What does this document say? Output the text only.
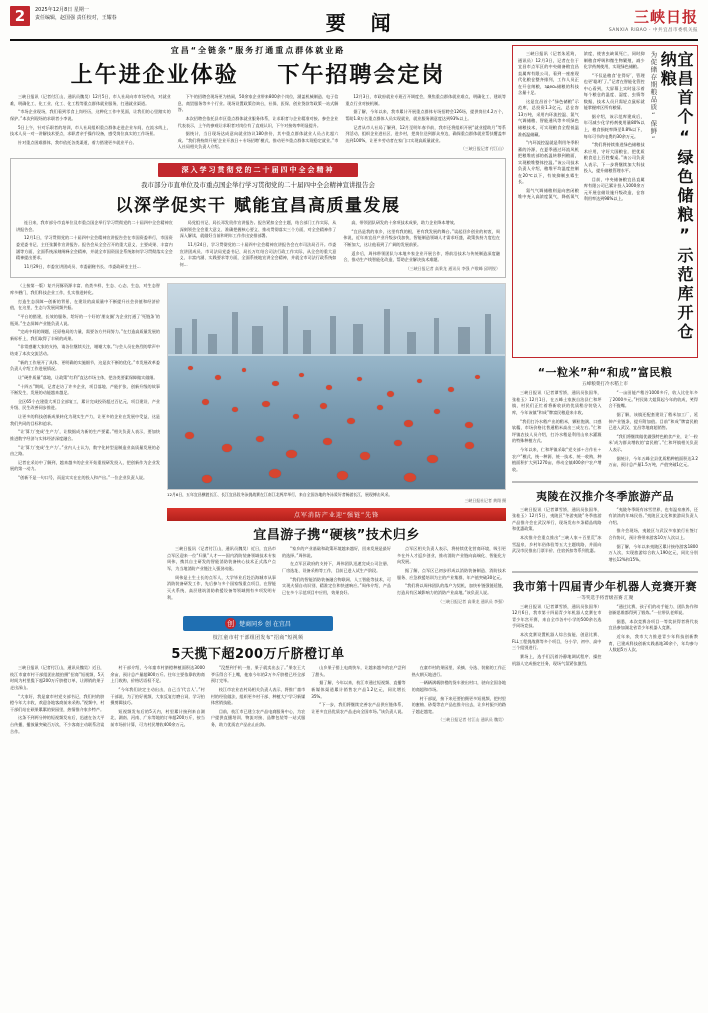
2	2025年12月8日 星期一
责任编辑，赵国强 责任校对，王耀春	要 闻	三峡日报
SANXIA RIBAO · 中共宜昌市委机关报
宜昌“全链条”服务打通重点群体就业路
上午进企业体验 下午招聘会定岗

三峡日报讯（记者付江山，通讯员魏昊）12月5日，市人社局向市市场劳动，对就业难，明确化工、化工业、化工、化工程等重点群体就业服务，打通就业渠道。

“市场企业现场，我们看到零食上岗经历，这种化工作中见面，让我们的心里踏实的保护。”本次到现场的求职者小李说。

5日上午，针对乐职者的培训，市人社局组织重点群体走进企业车间，在流水线上，技术人员一对一讲解技术要点，求职者亲手操作设备，感受岗位真实的工作场景。

针对重点困难群体，我市依托各类渠道，着力搭建更多就业平台。

下午的招聘会现场更为热闹，50余家企业带来800余个岗位，涵盖机械制造、电子信息、商贸服务等多个行业。现场设置政策咨询台，社保、医保、创业贷款等政策一站式解答。

本次招聘会依托县市区重点群体就业服务体系，让求职者与企业精准对接。参会企业代表表示，上午的参观让求职者对岗位有了直观认识，下午对接效率明显提升。

据统计，当日现场达成意向就业协议180余份，其中重点群体就业人员占比超六成。“我们将持续开展‘企业开放日＋专场招聘’模式，推动更多重点群体实现稳定就业。”市人社局相关负责人介绍。

12月3日，市政府就业专班召开调度会，聚焦重点群体就业难点，明确化工、建筑等重点行业对接机制。

据了解，今年以来，我市累计开展重点群体专场招聘会126场，提供岗位4.2万个，帮助1.8万名重点群体人员实现就业，就业服务满意度达到93%以上。

记者从市人社局了解到，12月至明年春节前，我市还将组织开展“就业援助月”等系列活动，组织企业进社区、进乡村，把岗位送到群众身边，确保重点群体就业帮扶覆盖率达到100%，让更多劳动者在家门口实现高质量就业。

（三峡日报记者 付江山）
深入学习贯彻党的二十届四中全会精神
我市部分市直单位及市重点国企举行学习贯彻党的二十届四中全会精神宣讲报告会
以深学促实干 赋能宜昌高质量发展

连日来，我市部分市直单位及市重点国企举行学习贯彻党的二十届四中全会精神宣讲报告会。

12月1日，学习贯彻党的二十届四中全会精神宣讲报告会在市国资委举行，市国资委党委书记、主任张翼作宣讲报告。报告会从全会召开的重大意义、主要成果、丰富内涵等方面，全面系统深刻阐释全会精神，并就全市国资国企系统如何学习贯彻落实全会精神提出要求。

11月29日，市委宣讲团成员、市委副秘书长、市委政研室主任...

局党组书记、局长邓发贵作宣讲报告。报告紧扣全会主题，结合部门工作实际，从深刻领会全会重大意义、准确把握核心要义、推动贯彻落实三个方面，对全会精神作了深入解读，就做好当前和明年工作作出安排部署。

11月24日，学习贯彻党的二十届四中全会精神宣讲报告会在市司法局召开。市委宣讲团成员、市司法局党委书记、局长万红结合司法行政工作实际，从全会的重大意义、丰富内涵、实践要求等方面，全面系统地宣讲全会精神，并就全市司法行政系统如何...

高，带领团队研发的十余项技术成果，助力企业降本增效。

“宜昌是我的家乡，这里有我的根，更有我发展的舞台。”谈起回乡创业的初衷，周伟说，近年来宜昌产业升级步伐加快，智能制造领域人才需求旺盛，政策扶持力度也在不断加大，这让他看到了广阔的发展前景。

返乡后，周伟带领团队与本地多家企业开展合作，将前沿技术与传统制造深度融合，推动生产线智能化改造，帮助企业解决技术难题。

（三峡日报记者 高秉龙 通讯员 李强 卢敬峰 邱明锐）

（上接第一版）复兴河豚资源丰富、鱼类多样，生态、心态、生态，对生态智库多栖门，我们科技企业工作，扎实推进转化。

打造生态屏障—创新的背景，在建设的高质量中不断提升社会价值和经济价值，在这里，生态与发展同频共振。

“平台的搭建，长效的服务，给好的一个好的‘朋友圈’为企业打通了‘死链条’的瓶颈。”生态屏障产业链负责人说。

“完成中间的课题，还原格局的力量，需要各方共同努力。”在打造高质量发展的新标杆上，我们取得了丰硕的成果。

“非常感谢大家的支持，请各位继续关注，谢谢大家。”与会人员在热烈的掌声中结束了本次交流活动。

“新的工作展开了具体、更明确的实施细节，这是次不断的优化。”市发展改革委负责人介绍工作进展情况。

让“硬件质量”落地，让政策“红利”直达市场主体，把各类要素保障做实做细。

“十四五”期间，记者走访了许多企业，项目落地、产能扩张、创新升级的故事不断发生，发展的动能越来越足。

全区65个在建重大项目全部复工，累计完成投资超过百亿元，项目建设、产业升级、民生改善同步推进。

让更多的科技创新成果转化为现实生产力，让更多的企业在发展中受益，这是我们共同的目标和追求。

“让‘算力’变成‘生产力’，让数据成为新的生产要素。”相关负责人表示，要加快推进数字经济与实体经济深度融合。

“让‘算力’变成‘生产力’。”业内人士认为，数字化转型是制造业高质量发展的必由之路。

记者在采访中了解到，越来越多的企业开始重视研发投入，把创新作为企业发展的第一动力。

“创新不是一句口号，而是实实在在的投入和产出。”一位企业负责人说。

12月6日，五年宜昌横渡长江、长江宜昌段冬泳挑战赛在江南江北两岸举行，来自全国各地的冬泳爱好者畅游长江，展现搏击风采。
三峡日报社记者 黄翔 摄
点军消防产业迎“强链”先锋
宜昌游子携“硬核”技术归乡

三峡日报讯（记者付江山，通讯员魏昊）近日，宜昌市点军区迎来一位“归巢”人才——国内消防装备领域技术专家周伟，携其自主研发的智能消防装备核心技术正式落户点军，为当地消防产业链注入强劲动能。

周伟是土生土长的点军人，大学毕业后赴沿海城市从事消防装备研发工作，先后参与多个国家级重点项目，在智能灭火系统、高层建筑消防救援设备等领域拥有多项发明专利。

“家乡的产业基础和政策环境越来越好，回来发展是最好的选择。”周伟说。

在点军区政府的支持下，周伟团队迅速完成公司注册、厂房选址、设备采购等工作，目前已进入试生产阶段。

“我们的智能消防装备融合物联网、人工智能等技术，可实现火情自动识别、精准定位和快速响应。”周伟介绍，产品已在多个示范项目中应用，效果良好。

点军区相关负责人表示，将持续优化营商环境，吸引更多在外人才返乡创业，推动消防产业链向高端化、智能化方向发展。

据了解，点军区已初步形成以消防装备制造、消防技术服务、应急救援培训为主的产业集群，年产值突破30亿元。

“我们将以周伟团队的落户为契机，加快补链强链延链，打造具有区域影响力的消防产业高地。”该负责人说。

（三峡日报记者 高秉龙 通讯员 李强）
创 楚商同乡 创 在宜昌
枝江童市村干部组团发布“招商”短视频
5天揽下超200万斤脐橙订单

三峡日报讯（记者付江山，通讯员魏昊）近日，枝江市童市村干部组团出镜拍摄“招商”短视频，5天时间为村里揽下超200万斤脐橙订单，让滞销的果子走出深山。

“大家好，我是童市村党支部书记，我们村的脐橙今年大丰收，欢迎各地客商前来采购。”视频中，村干部们站在硕果累累的果园里，热情推介家乡特产。

这条不到两分钟的短视频发布后，迅速在各大平台传播，播放量突破百万次，不少客商主动联系洽谈合作。

村干部介绍，今年童市村脐橙种植面积达3000余亩，预计总产量超800万斤。往年主要依靠收购商上门收购，价格话语权不足。

“今年我们决定主动出击，自己当‘代言人’。”村干部说，为了拍好视频，大家反复打磨台词，学习拍摄剪辑技巧。

短视频发布后的5天内，村里累计接到来自湖北、湖南、河南、广东等地的订单超200万斤，按当前市场价计算，可为村民增收400余万元。

“没想到手机一拍，果子就卖出去了。”果农王大爷乐得合不上嘴，他家今年的2万多斤脐橙已经全部预订完毕。

枝江市农业农村局相关负责人表示，将推广童市村的经验做法，组织更多村干部、种植大户学习新媒体营销技能。

目前，枝江市已建立农产品电商服务中心，为农户提供直播培训、物流对接、品牌包装等一站式服务，助力优质农产品出山出海。

山乡果子搭上电商快车，让越来越多的农户尝到了甜头。

据了解，今年以来，枝江市通过短视频、直播等新媒体渠道累计销售农产品1.2亿元，同比增长35%。

“下一步，我们将继续完善农产品供应链体系，让更多宜昌优质农产品走向全国市场。”该负责人说。

在童市村的果园里，采摘、分选、装箱的工作正热火朝天地进行。

一辆辆满载脐橙的货车驶出村口，驶向全国各地的商超和市场。

村干部说，接下来还要拍摄更多短视频，把村里的蜜柚、砂梨等农产品也推介出去，让乡村振兴的路子越走越宽。

（三峡日报记者 付江山 通讯员 魏昊）

三峡日报讯（记者朱延筠，通讯员）12月3日，记者在位于宜昌市点军区的中央储备粮宜昌直属库有限公司，看到一座座现代化粮仓整齐排列，工作人员正在开仓纳粮，здесь储粮的科技含量十足。

这是宜昌首个“绿色储粮”示范库，总投资1.3亿元，总仓容13万吨，采用内环流控温、氮气气调储粮、智能通风等多项绿色储粮技术，可实现粮食全程低温准低温储藏。

“内环流控温就是利用冬季积蓄的冷源，在夏季通过环流风机把粮堆底部的低温转移到粮面，实现粮堆整体控温。”该公司技术负责人介绍，粮堆平均温度控制在20℃以下，有效抑制虫霉生长。

氮气气调储粮则是向密闭粮堆中充入高浓度氮气，降低氧气浓度，使害虫缺氧死亡，同时抑制粮食呼吸和微生物繁殖，减少化学药剂使用，实现绿色储粮。

“不仅是粮食‘住得好’，管理也更‘聪明’了。”记者在智能化管控中心看到，大屏幕上实时显示着每个粮仓的温度、湿度、虫情等数据，技术人员只需轻点鼠标就能掌握库区所有粮情。

据介绍，该示范库建成后，年可减少化学药剂使用量80%以上，粮食损耗率降至0.8%以下，每年可节约电费约30余万元。

“我们将持续推进绿色储粮技术应用，守好大国粮仓，把优质粮食送上百姓餐桌。”该公司负责人表示，下一步将继续加大科技投入，提升储粮管理水平。

目前，中央储备粮宜昌直属库有限公司已累计投入1000余万元开展仓储设施升级改造，仓容利用率达到98%以上。

为促储存期粮品质“保鲜”	宜昌首个“绿色储粮”示范库开仓纳粮
“一粒米”种“和成”富民粮
五峰粮菜打冷水稻上市

三峡日报讯（记者谭雪娇，通讯员张国华，张桂玉）12月1日，在五峰土家族自治县仁和坪镇，村民们正忙着将新收获的优质稻谷装袋入库，今年该镇“和成”牌富民粮迎来丰收。

“我们打冷水稻产出的稻米，颗粒饱满、口感软糯，市场价格比普通稻米高出三成左右。”仁和坪镇农技人员介绍，打冷水稻是利用山泉水灌溉的特殊种植方式。

今年以来，仁和坪镇采取“党支部＋合作社＋农户”模式，统一种源、统一技术、统一收购，种植面积扩大到1270亩，带动全镇400余户农户增收。

“一亩田能产稻谷1000多斤，收入比往年多了2000多元。”村民陈大姐算起今年的收成，笑得合不拢嘴。

据了解，该镇还配套建设了稻米加工厂，延伸产业链条，提升附加值。目前“和成”牌富民粮已进入武汉、宜昌等地商超销售。

“我们将继续做优做强特色粮食产业，让‘一粒米’成为群众增收的‘富民粮’。”仁和坪镇相关负责人表示。

据统计，今年五峰全县优质稻种植面积达3.2万亩，预计总产量1.5万吨，产值突破1亿元。

夷陵在汉推介冬季旅游产品

三峡日报讯（记者谭雪娇，通讯员张国华，张桂玉）12月5日，夷陵区“冬游夷陵”冬季旅游产品推介会在武汉举行，现场发布多条精品线路和优惠政策。

本次推介会重点推出“三峡人家＋百里荒”冰雪温泉、乡村年俗体验等五大主题线路，并面向武汉市民推出门票半价、住宿折扣等系列优惠。

“夷陵冬季既有冰雪世界，也有温泉康养，还有浓浓的年味民俗。”夷陵区文化和旅游局负责人介绍。

推介会现场，夷陵区与武汉多家旅行社签订合作协议，预计将带来游客10万人次以上。

据了解，今年以来夷陵区累计接待游客1800万人次，实现旅游综合收入190亿元，同比分别增长12%和15%。

我市第十四届青少年机器人竞赛开赛
一等奖选手将晋级省赛 汇聚

三峡日报讯（记者谭雪娇，通讯员张国华）12月6日，我市第十四届青少年机器人竞赛在市青少年宫开赛，来自全市各中小学的500余名选手同场竞技。

本次竞赛设置机器人综合技能、创意比赛、FLL工程挑战赛等多个项目，分小学、初中、高中三个组别进行。

赛场上，选手们沉着冷静地调试程序、操控机器人完成指定任务，现场气氛紧张激烈。

“通过比赛，孩子们的动手能力、团队协作和创新思维都得到了锻炼。”一位带队老师说。

据悉，本次竞赛各项目一等奖获得者将代表宜昌参加湖北省青少年机器人竞赛。

近年来，我市大力推进青少年科技创新教育，已建成科技创新实践基地30余个，年均参与人数超5万人次。
